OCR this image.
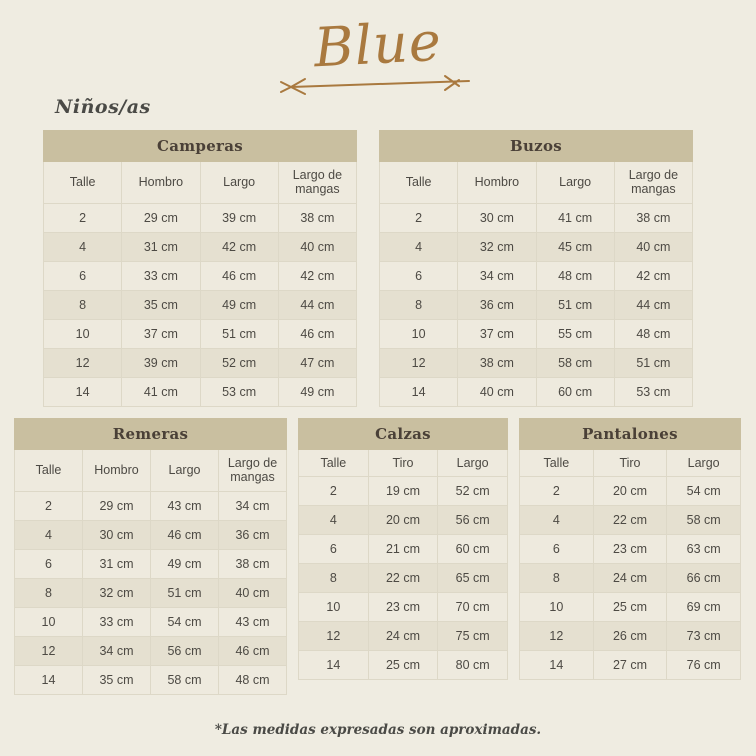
Blue
Niños/as
Camperas			
Talle	Hombro	Largo	Largo de mangas
2	29 cm	39 cm	38 cm
4	31 cm	42 cm	40 cm
6	33 cm	46 cm	42 cm
8	35 cm	49 cm	44 cm
10	37 cm	51 cm	46 cm
12	39 cm	52 cm	47 cm
14	41 cm	53 cm	49 cm
Buzos			
Talle	Hombro	Largo	Largo de mangas
2	30 cm	41 cm	38 cm
4	32 cm	45 cm	40 cm
6	34 cm	48 cm	42 cm
8	36 cm	51 cm	44 cm
10	37 cm	55 cm	48 cm
12	38 cm	58 cm	51 cm
14	40 cm	60 cm	53 cm
Remeras			
Talle	Hombro	Largo	Largo de mangas
2	29 cm	43 cm	34 cm
4	30 cm	46 cm	36 cm
6	31 cm	49 cm	38 cm
8	32 cm	51 cm	40 cm
10	33 cm	54 cm	43 cm
12	34 cm	56 cm	46 cm
14	35 cm	58 cm	48 cm
Calzas		
Talle	Tiro	Largo
2	19 cm	52 cm
4	20 cm	56 cm
6	21 cm	60 cm
8	22 cm	65 cm
10	23 cm	70 cm
12	24 cm	75 cm
14	25 cm	80 cm
Pantalones		
Talle	Tiro	Largo
2	20 cm	54 cm
4	22 cm	58 cm
6	23 cm	63 cm
8	24 cm	66 cm
10	25 cm	69 cm
12	26 cm	73 cm
14	27 cm	76 cm
*Las medidas expresadas son aproximadas.
